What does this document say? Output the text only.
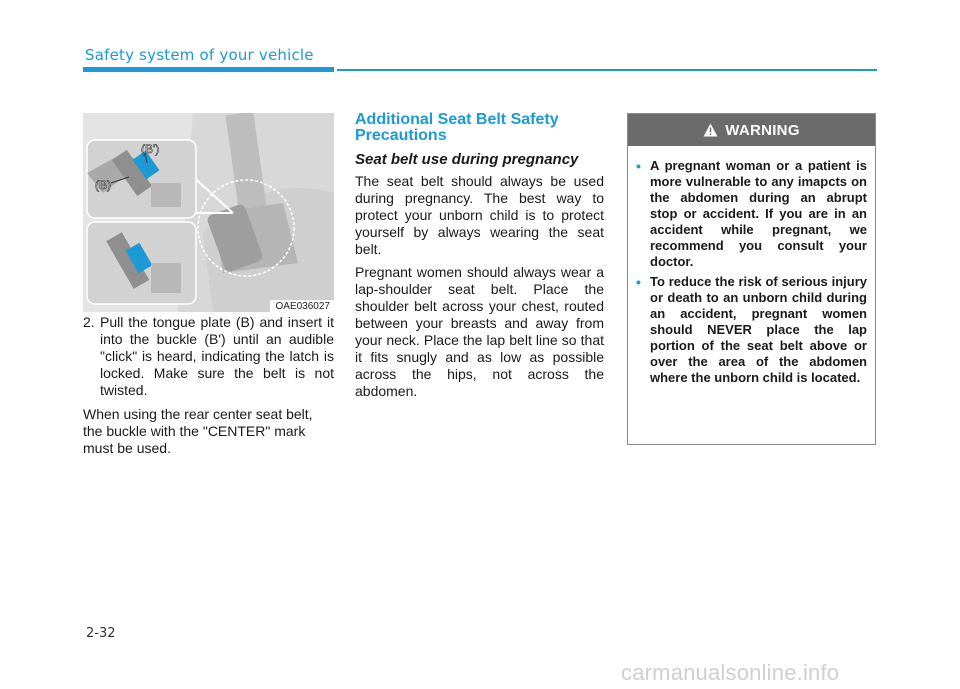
Safety system of your vehicle
(B)
(B')
OAE036027
2. Pull the tongue plate (B) and insert it into the buckle (B') until an audible "click" is heard, indicating the latch is locked. Make sure the belt is not twisted.
When using the rear center seat belt, the buckle with the "CENTER" mark must be used.
Additional Seat Belt Safety Precautions
Seat belt use during pregnancy

The seat belt should always be used during pregnancy. The best way to protect your unborn child is to protect yourself by always wearing the seat belt.

Pregnant women should always wear a lap-shoulder seat belt. Place the shoulder belt across your chest, routed between your breasts and away from your neck. Place the lap belt line so that it fits snugly and as low as possible across the hips, not across the abdomen.

WARNING
• A pregnant woman or a patient is more vulnerable to any imapcts on the abdomen during an abrupt stop or accident. If you are in an accident while pregnant, we recommend you consult your doctor.
• To reduce the risk of serious injury or death to an unborn child during an accident, pregnant women should NEVER place the lap portion of the seat belt above or over the area of the abdomen where the unborn child is located.
2-32
carmanualsonline.info
